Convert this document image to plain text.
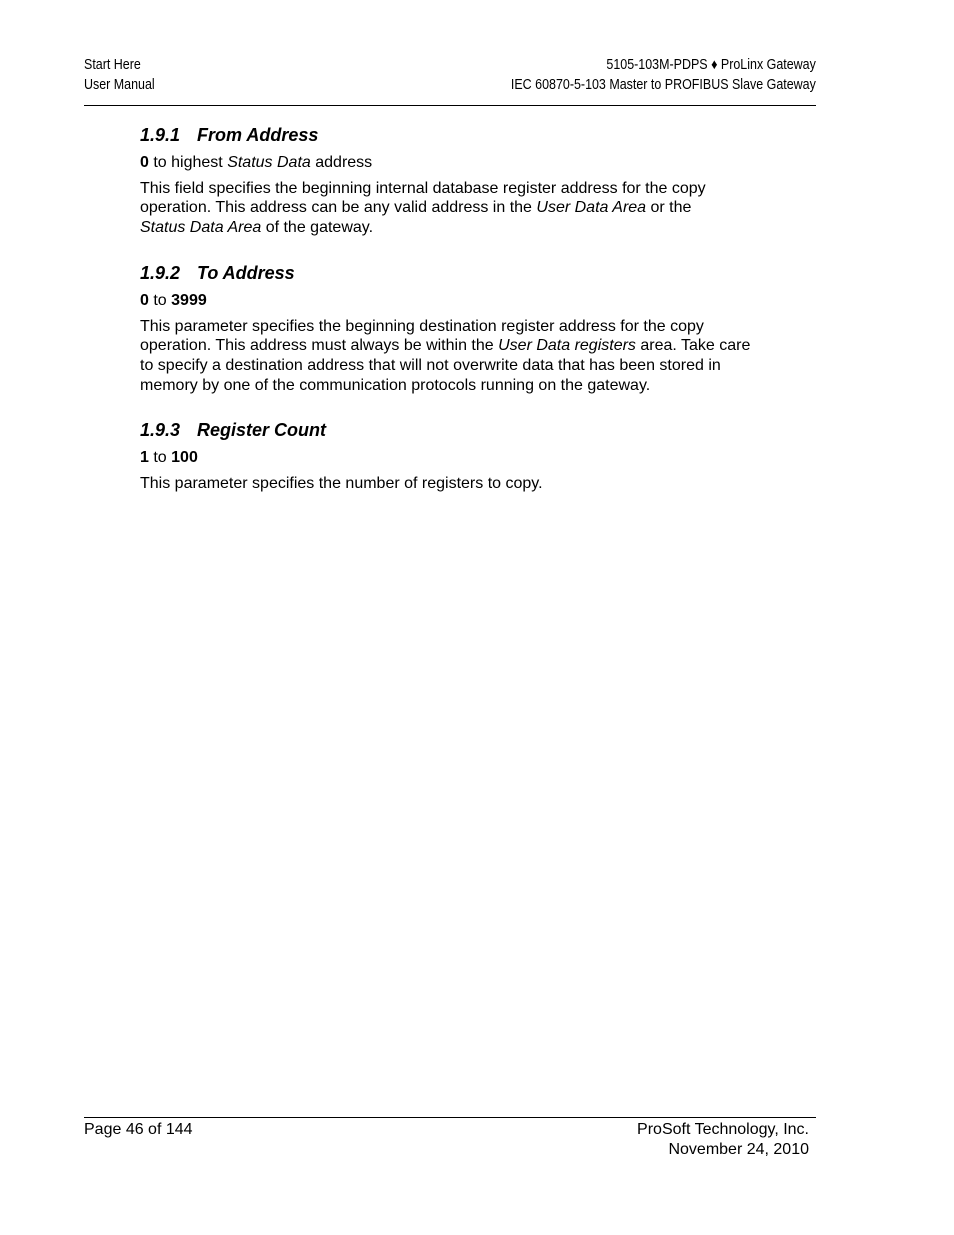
Start Here
User Manual
5105-103M-PDPS ♦ ProLinx Gateway
IEC 60870-5-103 Master to PROFIBUS Slave Gateway
1.9.1 From Address
0 to highest Status Data address
This field specifies the beginning internal database register address for the copy operation. This address can be any valid address in the User Data Area or the
Status Data Area of the gateway.
1.9.2 To Address
0 to 3999
This parameter specifies the beginning destination register address for the copy operation. This address must always be within the User Data registers area. Take care to specify a destination address that will not overwrite data that has been stored in memory by one of the communication protocols running on the gateway.
1.9.3 Register Count
1 to 100
This parameter specifies the number of registers to copy.
Page 46 of 144	ProSoft Technology, Inc.
November 24, 2010
